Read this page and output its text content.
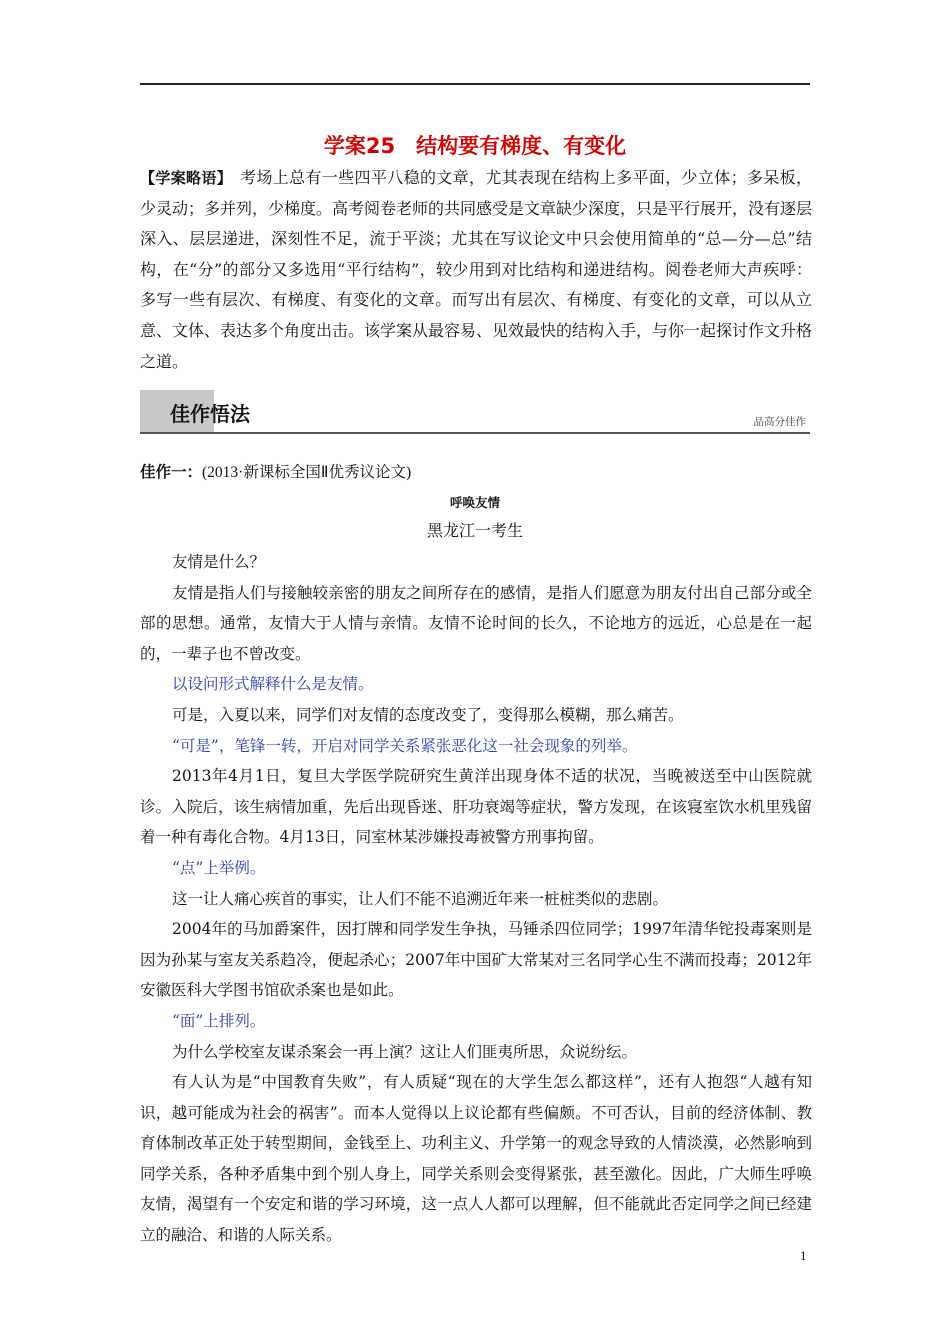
学案25　结构要有梯度、有变化
【学案略语】 考场上总有一些四平八稳的文章，尤其表现在结构上多平面，少立体；多呆板，少灵动；多并列，少梯度。高考阅卷老师的共同感受是文章缺少深度，只是平行展开，没有逐层深入、层层递进，深刻性不足，流于平淡；尤其在写议论文中只会使用简单的“总—分—总”结构，在“分”的部分又多选用“平行结构”，较少用到对比结构和递进结构。阅卷老师大声疾呼：多写一些有层次、有梯度、有变化的文章。而写出有层次、有梯度、有变化的文章，可以从立意、文体、表达多个角度出击。该学案从最容易、见效最快的结构入手，与你一起探讨作文升格之道。
佳作悟法	品高分佳作
佳作一：(2013·新课标全国Ⅱ优秀议论文)
呼唤友情
黑龙江一考生

友情是什么？

友情是指人们与接触较亲密的朋友之间所存在的感情，是指人们愿意为朋友付出自己部分或全部的思想。通常，友情大于人情与亲情。友情不论时间的长久，不论地方的远近，心总是在一起的，一辈子也不曾改变。

以设问形式解释什么是友情。

可是，入夏以来，同学们对友情的态度改变了，变得那么模糊，那么痛苦。

“可是”，笔锋一转，开启对同学关系紧张恶化这一社会现象的列举。

2013年4月1日，复旦大学医学院研究生黄洋出现身体不适的状况，当晚被送至中山医院就诊。入院后，该生病情加重，先后出现昏迷、肝功衰竭等症状，警方发现，在该寝室饮水机里残留着一种有毒化合物。4月13日，同室林某涉嫌投毒被警方刑事拘留。

“点”上举例。

这一让人痛心疾首的事实，让人们不能不追溯近年来一桩桩类似的悲剧。

2004年的马加爵案件，因打牌和同学发生争执，马锤杀四位同学；1997年清华铊投毒案则是因为孙某与室友关系趋冷，便起杀心；2007年中国矿大常某对三名同学心生不满而投毒；2012年安徽医科大学图书馆砍杀案也是如此。

“面”上排列。

为什么学校室友谋杀案会一再上演？这让人们匪夷所思，众说纷纭。

有人认为是“中国教育失败”，有人质疑“现在的大学生怎么都这样”，还有人抱怨“人越有知识，越可能成为社会的祸害”。而本人觉得以上议论都有些偏颇。不可否认，目前的经济体制、教育体制改革正处于转型期间，金钱至上、功利主义、升学第一的观念导致的人情淡漠，必然影响到同学关系，各种矛盾集中到个别人身上，同学关系则会变得紧张，甚至激化。因此，广大师生呼唤友情，渴望有一个安定和谐的学习环境，这一点人人都可以理解，但不能就此否定同学之间已经建立的融洽、和谐的人际关系。

1
